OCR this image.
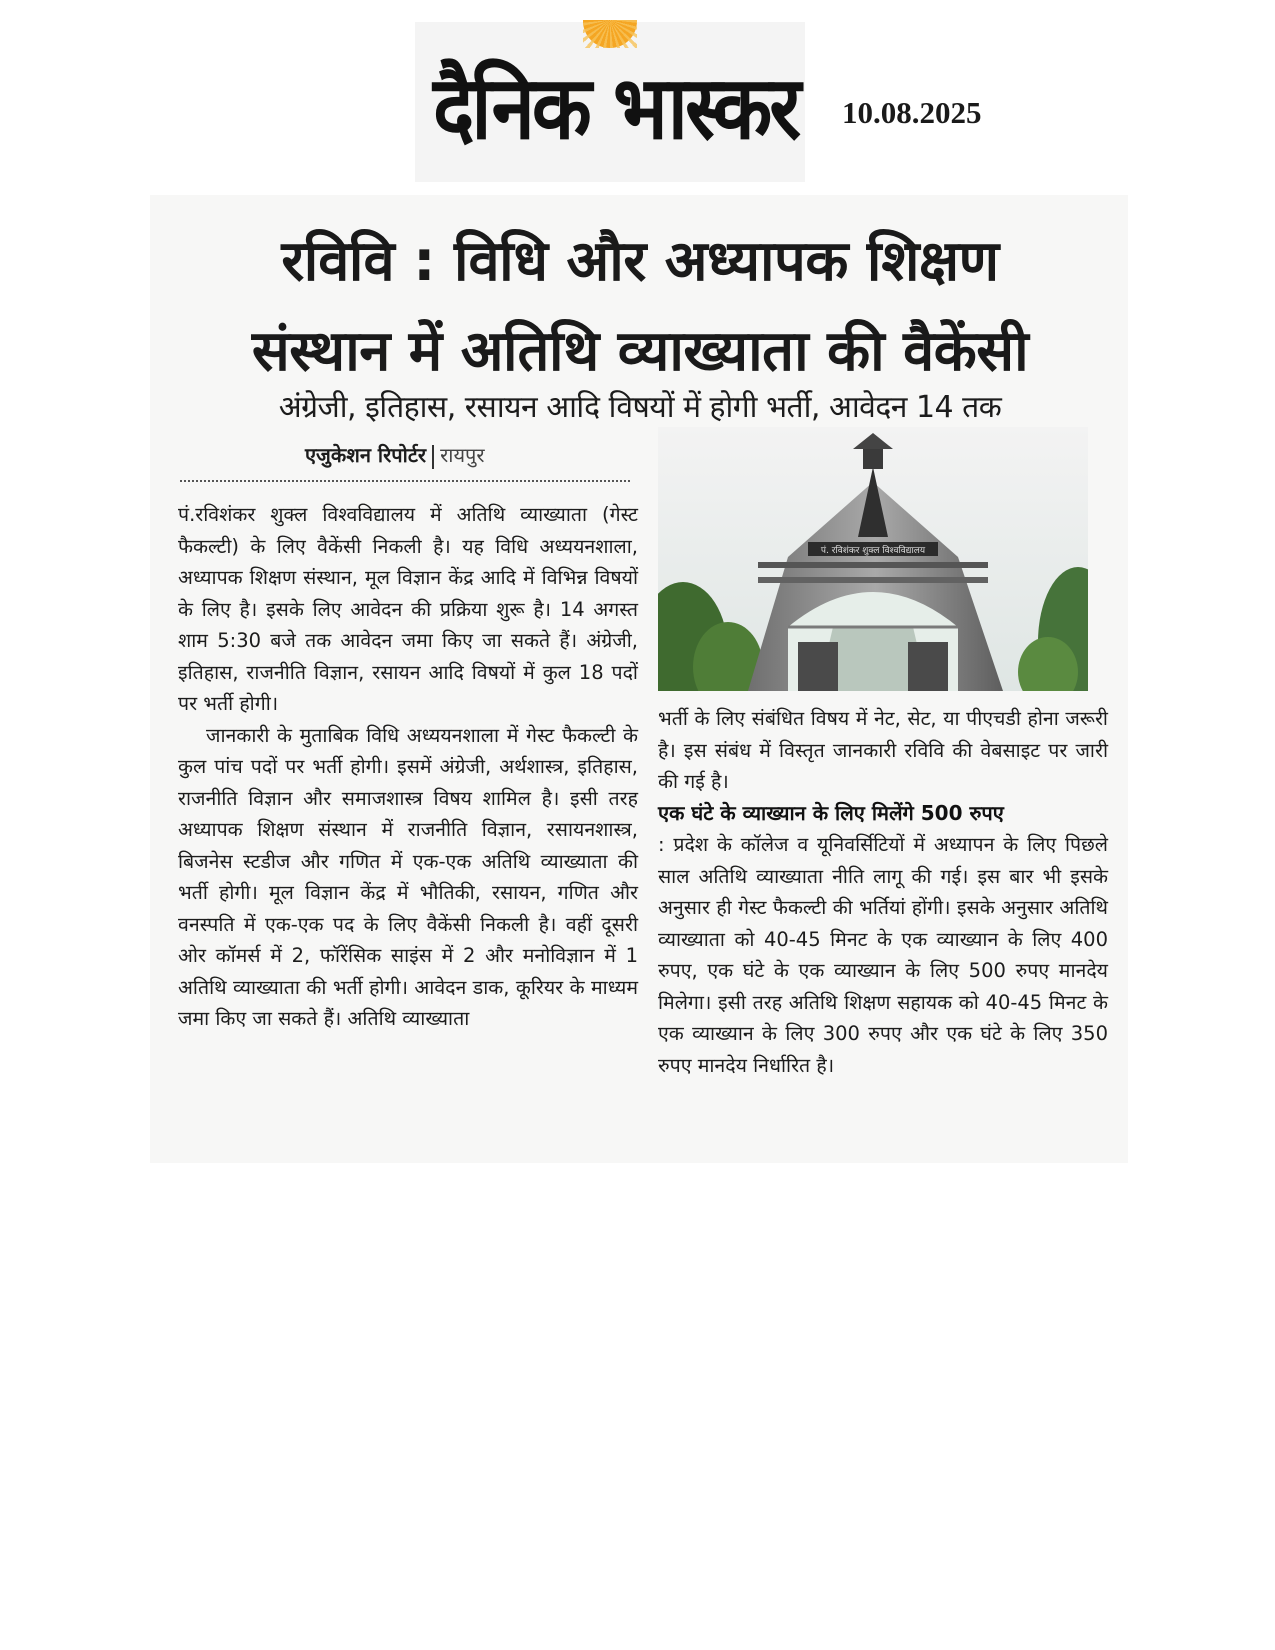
दैनिक भास्कर 10.08.2025
रविवि : विधि और अध्यापक शिक्षण
संस्थान में अतिथि व्याख्याता की वैकेंसी
अंग्रेजी, इतिहास, रसायन आदि विषयों में होगी भर्ती, आवेदन 14 तक
एजुकेशन रिपोर्टर रायपुर

पं.रविशंकर शुक्ल विश्वविद्यालय में अतिथि व्याख्याता (गेस्ट फैकल्टी) के लिए वैकेंसी निकली है। यह विधि अध्ययनशाला, अध्यापक शिक्षण संस्थान, मूल विज्ञान केंद्र आदि में विभिन्न विषयों के लिए है। इसके लिए आवेदन की प्रक्रिया शुरू है। 14 अगस्त शाम 5:30 बजे तक आवेदन जमा किए जा सकते हैं। अंग्रेजी, इतिहास, राजनीति विज्ञान, रसायन आदि विषयों में कुल 18 पदों पर भर्ती होगी।

जानकारी के मुताबिक विधि अध्ययनशाला में गेस्ट फैकल्टी के कुल पांच पदों पर भर्ती होगी। इसमें अंग्रेजी, अर्थशास्त्र, इतिहास, राजनीति विज्ञान और समाजशास्त्र विषय शामिल है। इसी तरह अध्यापक शिक्षण संस्थान में राजनीति विज्ञान, रसायनशास्त्र, बिजनेस स्टडीज और गणित में एक-एक अतिथि व्याख्याता की भर्ती होगी। मूल विज्ञान केंद्र में भौतिकी, रसायन, गणित और वनस्पति में एक-एक पद के लिए वैकेंसी निकली है। वहीं दूसरी ओर कॉमर्स में 2, फॉरेंसिक साइंस में 2 और मनोविज्ञान में 1 अतिथि व्याख्याता की भर्ती होगी। आवेदन डाक, कूरियर के माध्यम जमा किए जा सकते हैं। अतिथि व्याख्याता

पं. रविशंकर शुक्ल विश्वविद्यालय

भर्ती के लिए संबंधित विषय में नेट, सेट, या पीएचडी होना जरूरी है। इस संबंध में विस्तृत जानकारी रविवि की वेबसाइट पर जारी की गई है।

एक घंटे के व्याख्यान के लिए मिलेंगे 500 रुपए

: प्रदेश के कॉलेज व यूनिवर्सिटियों में अध्यापन के लिए पिछले साल अतिथि व्याख्याता नीति लागू की गई। इस बार भी इसके अनुसार ही गेस्ट फैकल्टी की भर्तियां होंगी। इसके अनुसार अतिथि व्याख्याता को 40-45 मिनट के एक व्याख्यान के लिए 400 रुपए, एक घंटे के एक व्याख्यान के लिए 500 रुपए मानदेय मिलेगा। इसी तरह अतिथि शिक्षण सहायक को 40-45 मिनट के एक व्याख्यान के लिए 300 रुपए और एक घंटे के लिए 350 रुपए मानदेय निर्धारित है।
